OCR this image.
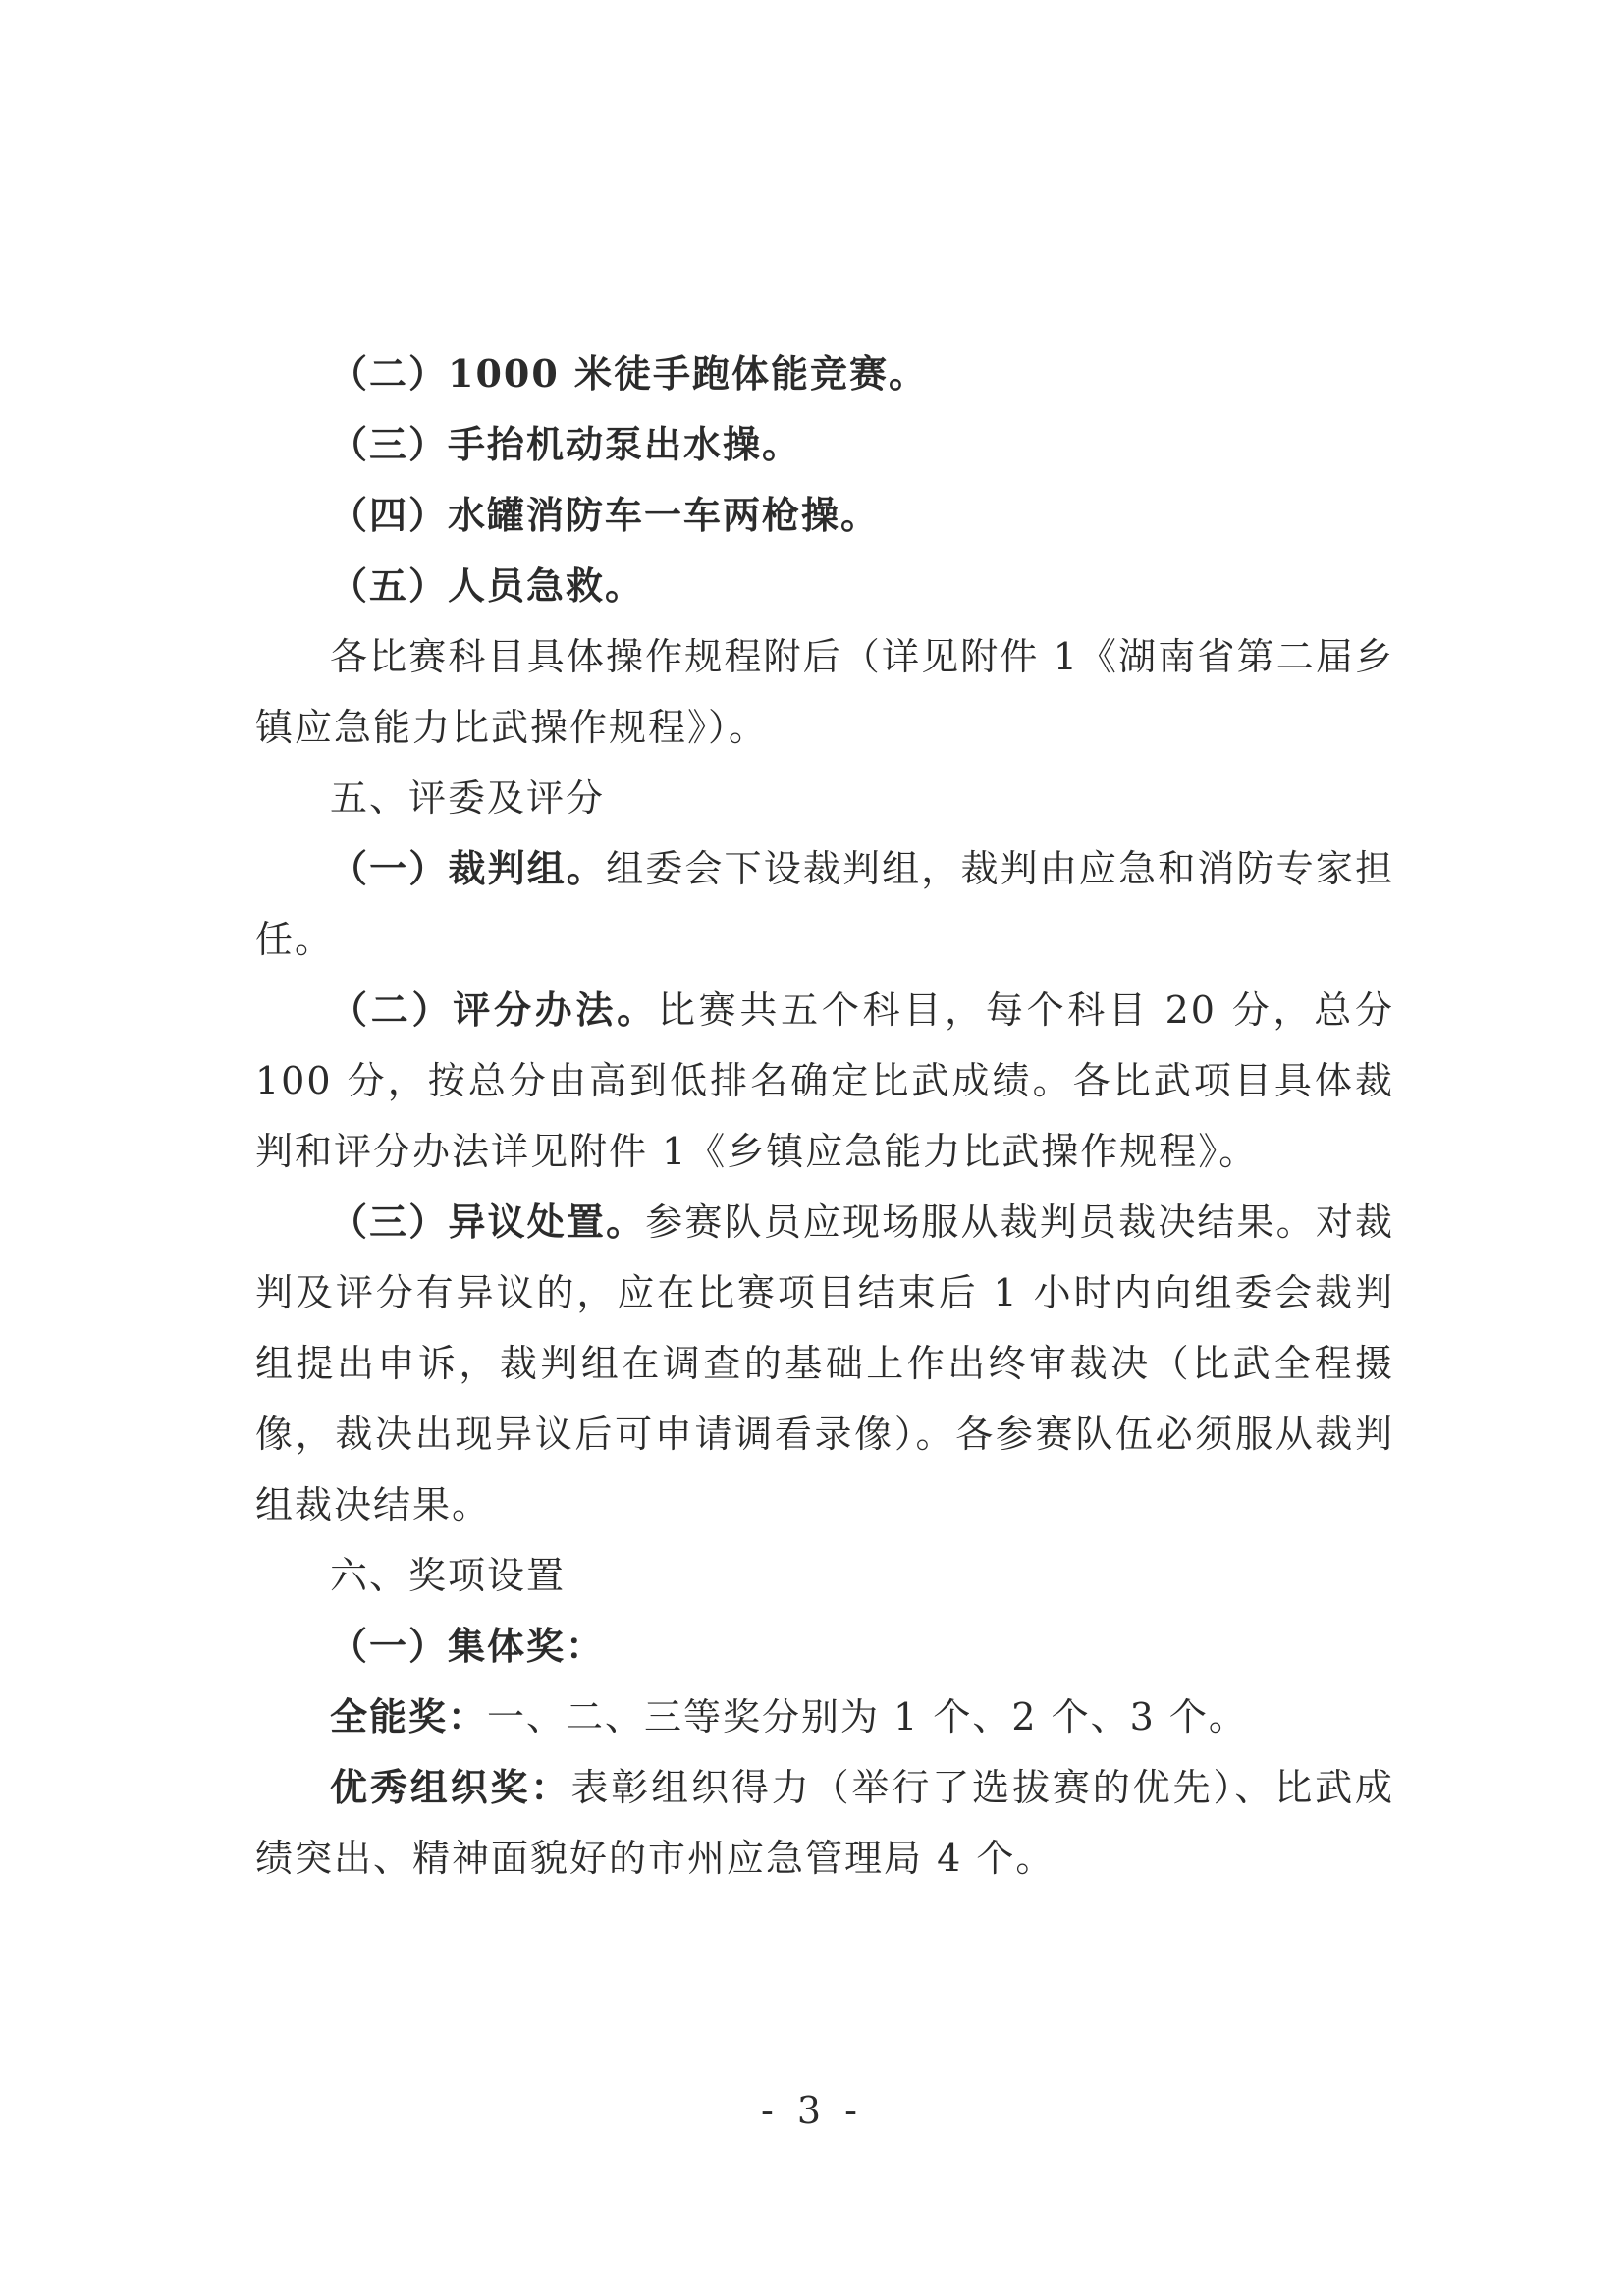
（二）1000 米徒手跑体能竞赛。

（三）手抬机动泵出水操。

（四）水罐消防车一车两枪操。

（五）人员急救。

各比赛科目具体操作规程附后（详见附件 1《湖南省第二届乡镇应急能力比武操作规程》）。

五、评委及评分

（一）裁判组。组委会下设裁判组，裁判由应急和消防专家担任。

（二）评分办法。比赛共五个科目，每个科目 20 分，总分 100 分，按总分由高到低排名确定比武成绩。各比武项目具体裁判和评分办法详见附件 1《乡镇应急能力比武操作规程》。

（三）异议处置。参赛队员应现场服从裁判员裁决结果。对裁判及评分有异议的，应在比赛项目结束后 1 小时内向组委会裁判组提出申诉，裁判组在调查的基础上作出终审裁决（比武全程摄像，裁决出现异议后可申请调看录像）。各参赛队伍必须服从裁判组裁决结果。

六、奖项设置

（一）集体奖：

全能奖：一、二、三等奖分别为 1 个、2 个、3 个。

优秀组织奖：表彰组织得力（举行了选拔赛的优先）、比武成绩突出、精神面貌好的市州应急管理局 4 个。

- 3 -
